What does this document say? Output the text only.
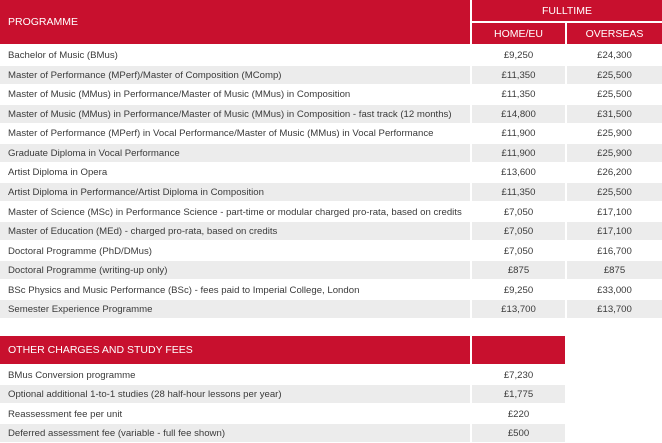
PROGRAMME
FULLTIME
HOME/EU	OVERSEAS
Bachelor of Music (BMus)	£9,250	£24,300
Master of Performance (MPerf)/Master of Composition (MComp)	£11,350	£25,500
Master of Music (MMus) in Performance/Master of Music (MMus) in Composition	£11,350	£25,500
Master of Music (MMus) in Performance/Master of Music (MMus) in Composition - fast track (12 months)	£14,800	£31,500
Master of Performance (MPerf) in Vocal Performance/Master of Music (MMus) in Vocal Performance	£11,900	£25,900
Graduate Diploma in Vocal Performance	£11,900	£25,900
Artist Diploma in Opera	£13,600	£26,200
Artist Diploma in Performance/Artist Diploma in Composition	£11,350	£25,500
Master of Science (MSc) in Performance Science - part-time or modular charged pro-rata, based on credits	£7,050	£17,100
Master of Education (MEd) - charged pro-rata, based on credits	£7,050	£17,100
Doctoral Programme (PhD/DMus)	£7,050	£16,700
Doctoral Programme (writing-up only)	£875	£875
BSc Physics and Music Performance (BSc) - fees paid to Imperial College, London	£9,250	£33,000
Semester Experience Programme	£13,700	£13,700
OTHER CHARGES AND STUDY FEES
BMus Conversion programme	£7,230
Optional additional 1-to-1 studies (28 half-hour lessons per year)	£1,775
Reassessment fee per unit	£220
Deferred assessment fee (variable - full fee shown)	£500
